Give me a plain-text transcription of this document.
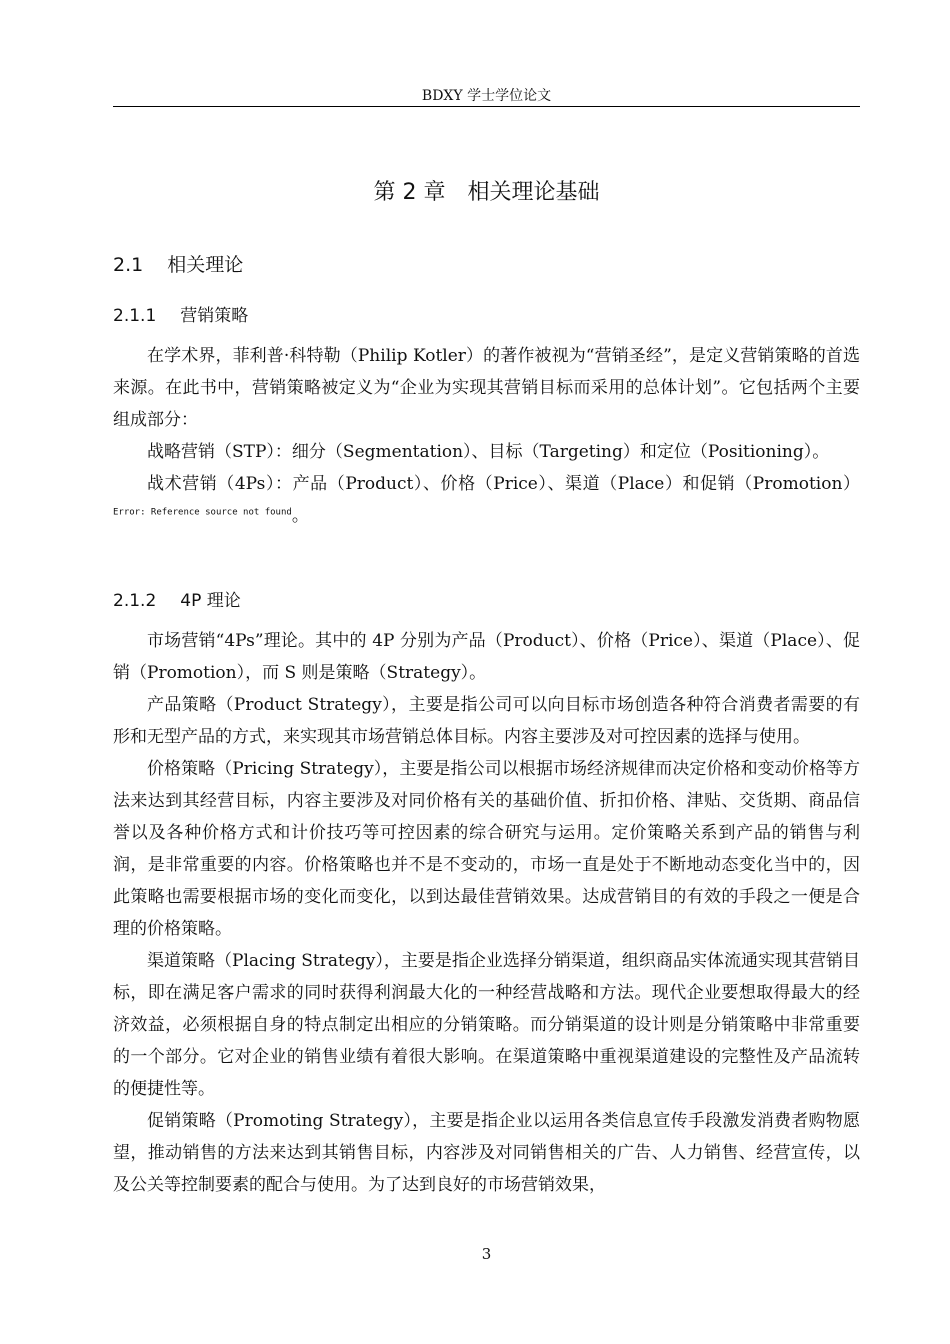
BDXY 学士学位论文
第 2 章 相关理论基础
2.1 相关理论
2.1.1 营销策略

在学术界，菲利普·科特勒（Philip Kotler）的著作被视为“营销圣经”，是定义营销策略的首选来源。在此书中，营销策略被定义为“企业为实现其营销目标而采用的总体计划”。它包括两个主要组成部分：

战略营销（STP）：细分（Segmentation）、目标（Targeting）和定位（Positioning）。

战术营销（4Ps）：产品（Product）、价格（Price）、渠道（Place）和促销（Promotion）$^{Error: Reference source not found}$。

2.1.2 4P 理论

市场营销“4Ps”理论。其中的 4P 分别为产品（Product）、价格（Price）、渠道（Place）、促销（Promotion），而 S 则是策略（Strategy）。

产品策略（Product Strategy），主要是指公司可以向目标市场创造各种符合消费者需要的有形和无型产品的方式，来实现其市场营销总体目标。内容主要涉及对可控因素的选择与使用。

价格策略（Pricing Strategy），主要是指公司以根据市场经济规律而决定价格和变动价格等方法来达到其经营目标，内容主要涉及对同价格有关的基础价值、折扣价格、津贴、交货期、商品信誉以及各种价格方式和计价技巧等可控因素的综合研究与运用。定价策略关系到产品的销售与利润，是非常重要的内容。价格策略也并不是不变动的，市场一直是处于不断地动态变化当中的，因此策略也需要根据市场的变化而变化，以到达最佳营销效果。达成营销目的有效的手段之一便是合理的价格策略。

渠道策略（Placing Strategy），主要是指企业选择分销渠道，组织商品实体流通实现其营销目标，即在满足客户需求的同时获得利润最大化的一种经营战略和方法。现代企业要想取得最大的经济效益，必须根据自身的特点制定出相应的分销策略。而分销渠道的设计则是分销策略中非常重要的一个部分。它对企业的销售业绩有着很大影响。在渠道策略中重视渠道建设的完整性及产品流转的便捷性等。

促销策略（Promoting Strategy），主要是指企业以运用各类信息宣传手段激发消费者购物愿望，推动销售的方法来达到其销售目标，内容涉及对同销售相关的广告、人力销售、经营宣传，以及公关等控制要素的配合与使用。为了达到良好的市场营销效果，

3
